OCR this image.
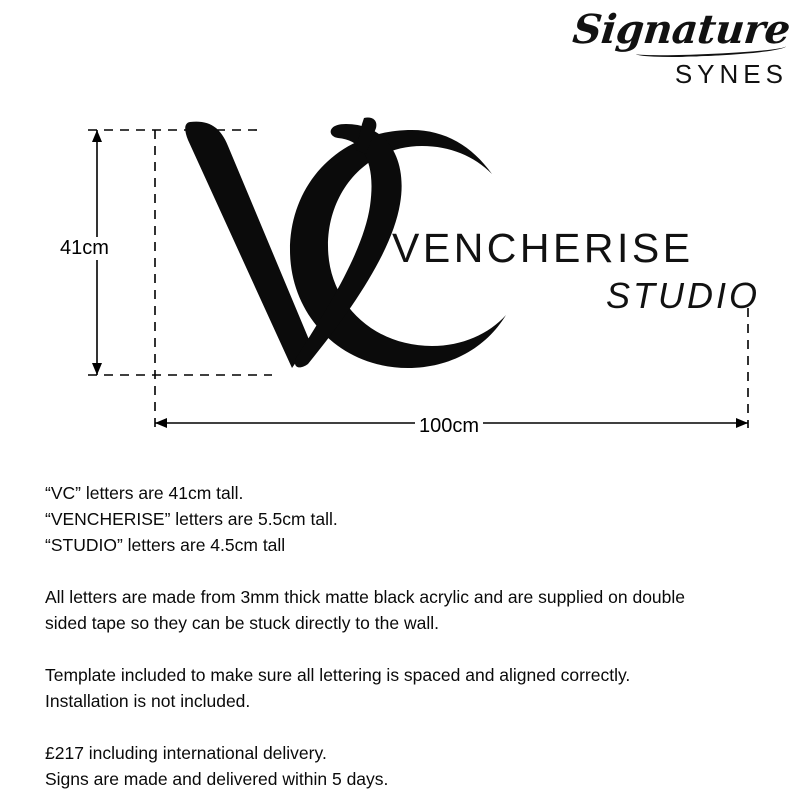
Signature
SYNES
41cm
100cm
VENCHERISE
STUDIO

“VC” letters are 41cm tall.

“VENCHERISE” letters are 5.5cm tall.

“STUDIO” letters are 4.5cm tall

All letters are made from 3mm thick matte black acrylic and are supplied on double

sided tape so they can be stuck directly to the wall.

Template included to make sure all lettering is spaced and aligned correctly.

Installation is not included.

£217 including international delivery.

Signs are made and delivered within 5 days.
